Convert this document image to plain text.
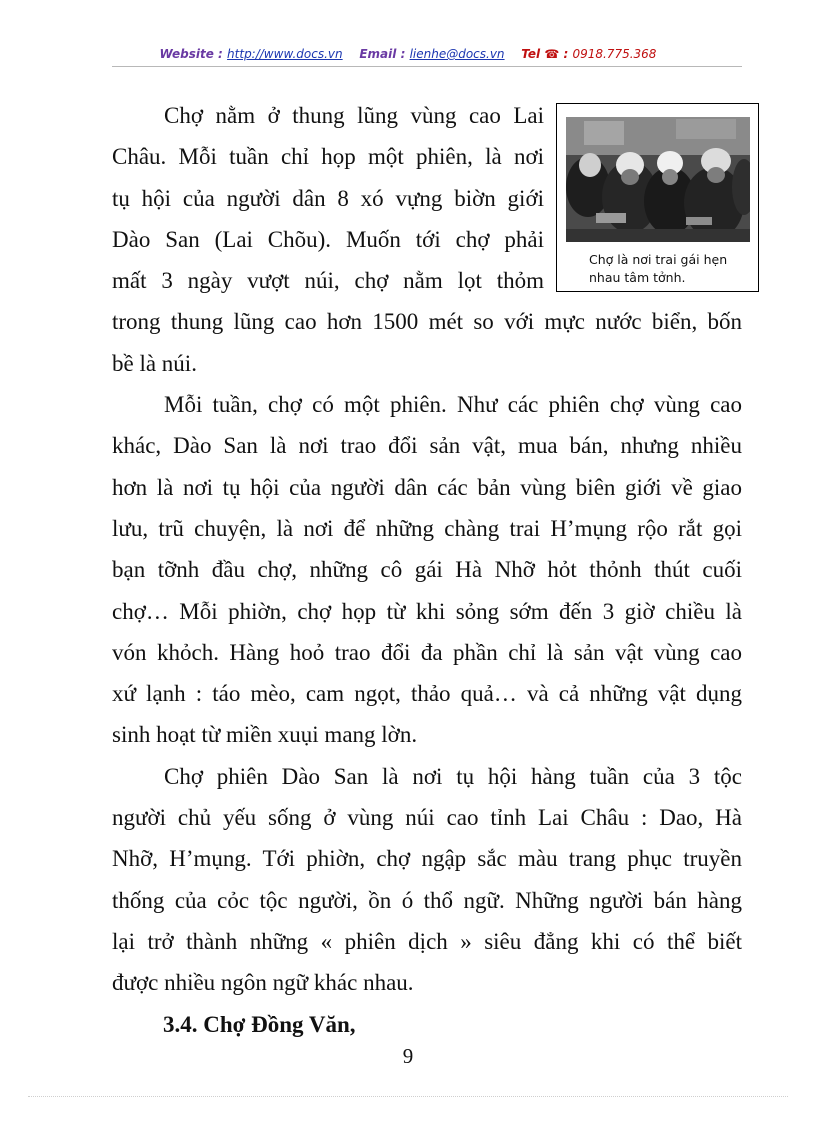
Website : http://www.docs.vn Email : lienhe@docs.vn Tel ☎ : 0918.775.368
Chợ là nơi trai gái hẹn
nhau tâm tởnh.
Chợ nằm ở thung lũng vùng cao Lai
Châu. Mỗi tuần chỉ họp một phiên, là nơi
tụ hội của người dân 8 xó vựng biờn giới
Dào San (Lai Chõu). Muốn tới chợ phải
mất 3 ngày vượt núi, chợ nằm lọt thỏm
trong thung lũng cao hơn 1500 mét so với mực nước biển, bốn
bề là núi.
Mỗi tuần, chợ có một phiên. Như các phiên chợ vùng cao
khác, Dào San là nơi trao đổi sản vật, mua bán, nhưng nhiều
hơn là nơi tụ hội của người dân các bản vùng biên giới về giao
lưu, trũ chuyện, là nơi để những chàng trai H’mụng rộo rắt gọi
bạn tỡnh đầu chợ, những cô gái Hà Nhỡ hỏt thỏnh thút cuối
chợ… Mỗi phiờn, chợ họp từ khi sỏng sớm đến 3 giờ chiều là
vón khỏch. Hàng hoỏ trao đổi đa phần chỉ là sản vật vùng cao
xứ lạnh : táo mèo, cam ngọt, thảo quả… và cả những vật dụng
sinh hoạt từ miền xuụi mang lờn.
Chợ phiên Dào San là nơi tụ hội hàng tuần của 3 tộc
người chủ yếu sống ở vùng núi cao tỉnh Lai Châu : Dao, Hà
Nhỡ, H’mụng. Tới phiờn, chợ ngập sắc màu trang phục truyền
thống của cỏc tộc người, ồn ó thổ ngữ. Những người bán hàng
lại trở thành những « phiên dịch » siêu đẳng khi có thể biết
được nhiều ngôn ngữ khác nhau.
3.4. Chợ Đồng Văn,
9
